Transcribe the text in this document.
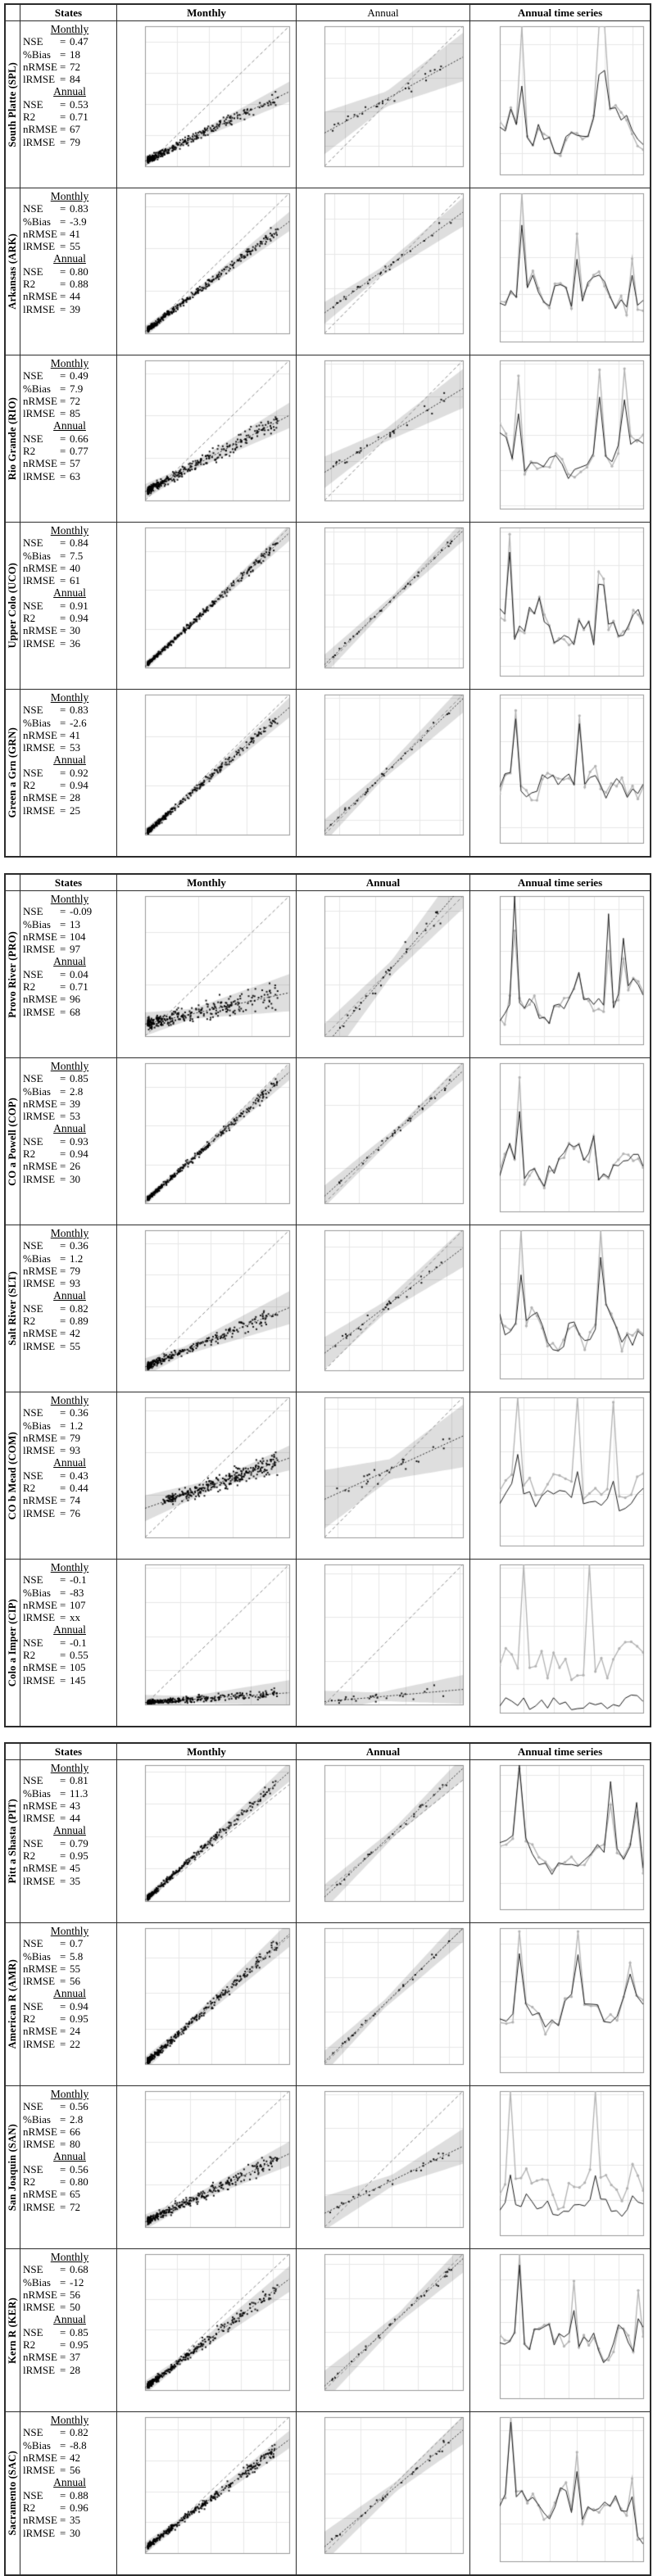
States	Monthly	Annual	Annual time series
South Platte (SPL)
Monthly
NSE	= 0.47
%Bias = 18
nRMSE = 72
lRMSE = 84
Annual
NSE	= 0.53
R2	= 0.71
nRMSE = 67
lRMSE = 79
Arkansas (ARK)
Monthly
NSE	= 0.83
%Bias = -3.9
nRMSE = 41
lRMSE = 55
Annual
NSE	= 0.80
R2	= 0.88
nRMSE = 44
lRMSE = 39
Rio Grande (RIO)
Monthly
NSE	= 0.49
%Bias = 7.9
nRMSE = 72
lRMSE = 85
Annual
NSE	= 0.66
R2	= 0.77
nRMSE = 57
lRMSE = 63
Upper Colo (UCO)
Monthly
NSE	= 0.84
%Bias = 7.5
nRMSE = 40
lRMSE = 61
Annual
NSE	= 0.91
R2	= 0.94
nRMSE = 30
lRMSE = 36
Green a Grn (GRN)
Monthly
NSE	= 0.83
%Bias = -2.6
nRMSE = 41
lRMSE = 53
Annual
NSE	= 0.92
R2	= 0.94
nRMSE = 28
lRMSE = 25
States	Monthly	Annual	Annual time series
Provo River (PRO)
Monthly
NSE	= -0.09
%Bias = 13
nRMSE = 104
lRMSE = 97
Annual
NSE	= 0.04
R2	= 0.71
nRMSE = 96
lRMSE = 68
CO a Powell (COP)
Monthly
NSE	= 0.85
%Bias = 2.8
nRMSE = 39
lRMSE = 53
Annual
NSE	= 0.93
R2	= 0.94
nRMSE = 26
lRMSE = 30
Salt River (SLT)
Monthly
NSE	= 0.36
%Bias = 1.2
nRMSE = 79
lRMSE = 93
Annual
NSE	= 0.82
R2	= 0.89
nRMSE = 42
lRMSE = 55
CO b Mead (COM)
Monthly
NSE	= 0.36
%Bias = 1.2
nRMSE = 79
lRMSE = 93
Annual
NSE	= 0.43
R2	= 0.44
nRMSE = 74
lRMSE = 76
Colo a Imper (CIP)
Monthly
NSE	= -0.1
%Bias = -83
nRMSE = 107
lRMSE = xx
Annual
NSE	= -0.1
R2	= 0.55
nRMSE = 105
lRMSE = 145
States	Monthly	Annual	Annual time series
Pitt a Shasta (PIT)
Monthly
NSE	= 0.81
%Bias = 11.3
nRMSE = 43
lRMSE = 44
Annual
NSE	= 0.79
R2	= 0.95
nRMSE = 45
lRMSE = 35
American R (AMR)
Monthly
NSE	= 0.7
%Bias = 5.8
nRMSE = 55
lRMSE = 56
Annual
NSE	= 0.94
R2	= 0.95
nRMSE = 24
lRMSE = 22
San Joaquin (SAN)
Monthly
NSE	= 0.56
%Bias = 2.8
nRMSE = 66
lRMSE = 80
Annual
NSE	= 0.56
R2	= 0.80
nRMSE = 65
lRMSE = 72
Kern R (KER)
Monthly
NSE	= 0.68
%Bias = -12
nRMSE = 56
lRMSE = 50
Annual
NSE	= 0.85
R2	= 0.95
nRMSE = 37
lRMSE = 28
Sacramento (SAC)
Monthly
NSE	= 0.82
%Bias = -8.8
nRMSE = 42
lRMSE = 56
Annual
NSE	= 0.88
R2	= 0.96
nRMSE = 35
lRMSE = 30
